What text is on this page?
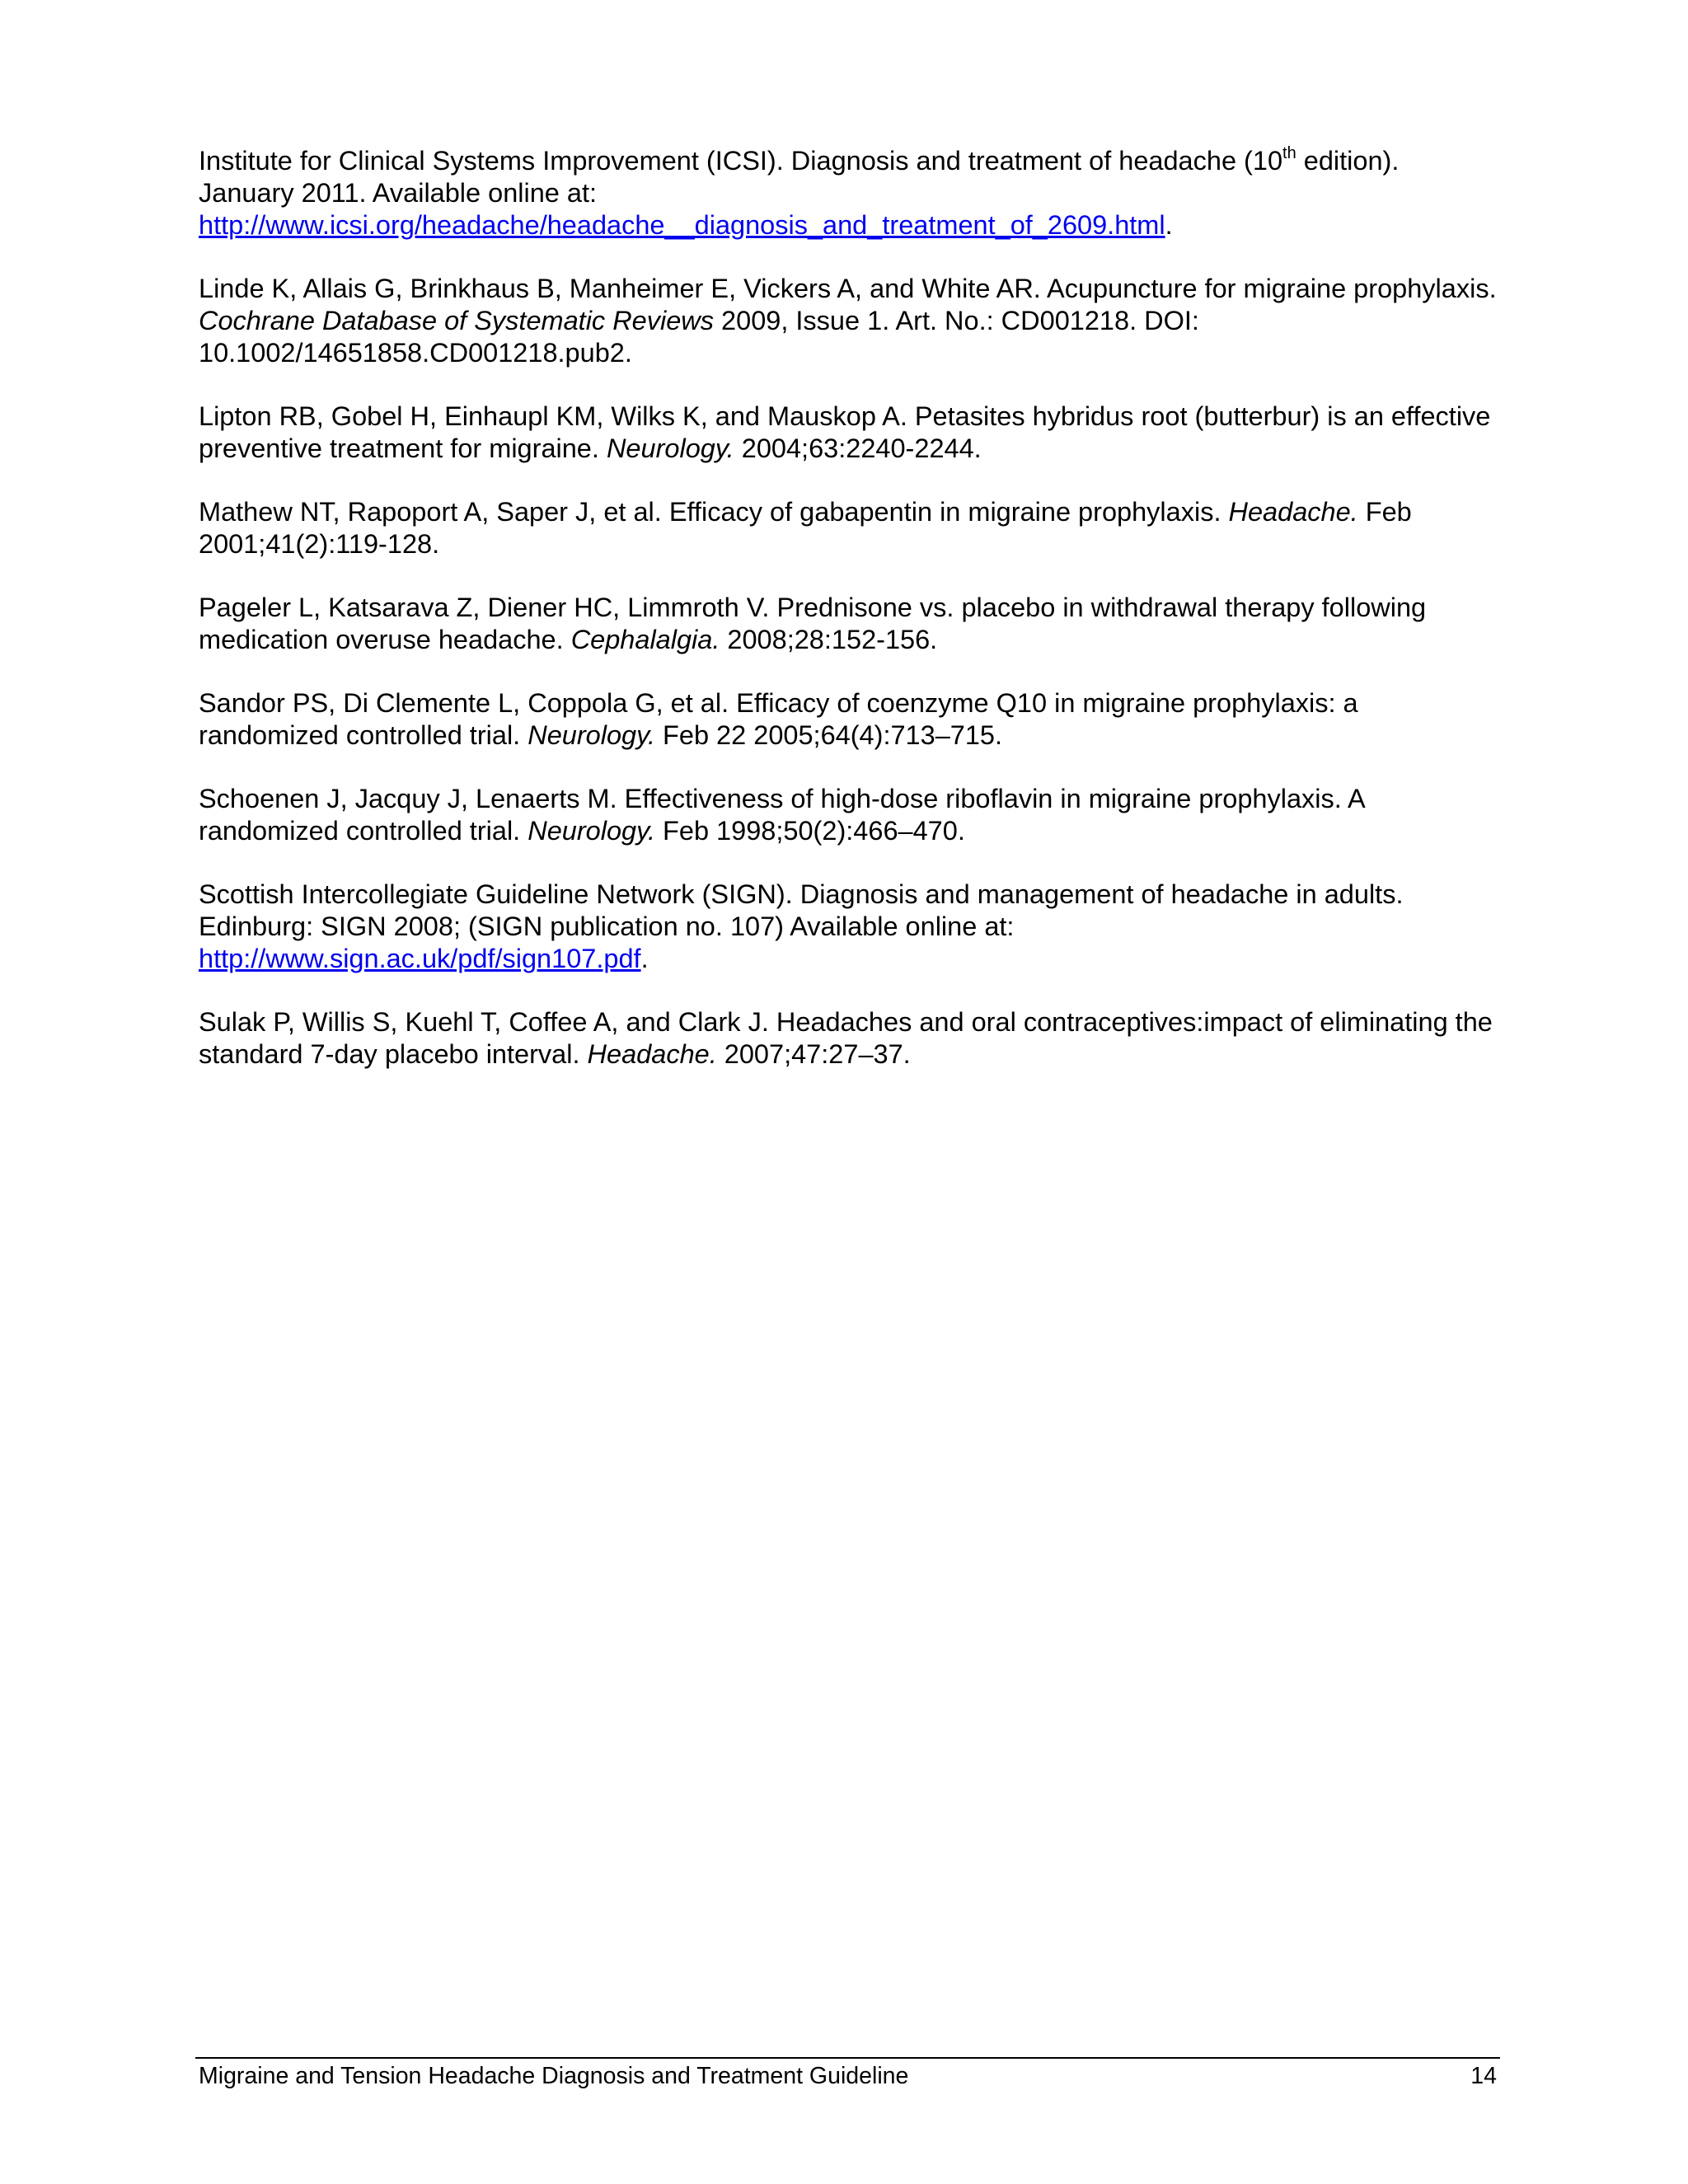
Institute for Clinical Systems Improvement (ICSI). Diagnosis and treatment of headache (10th edition). January 2011. Available online at:
http://www.icsi.org/headache/headache__diagnosis_and_treatment_of_2609.html.

Linde K, Allais G, Brinkhaus B, Manheimer E, Vickers A, and White AR. Acupuncture for migraine prophylaxis. Cochrane Database of Systematic Reviews 2009, Issue 1. Art. No.: CD001218. DOI: 10.1002/14651858.CD001218.pub2.

Lipton RB, Gobel H, Einhaupl KM, Wilks K, and Mauskop A. Petasites hybridus root (butterbur) is an effective preventive treatment for migraine. Neurology. 2004;63:2240-2244.

Mathew NT, Rapoport A, Saper J, et al. Efficacy of gabapentin in migraine prophylaxis. Headache. Feb 2001;41(2):119-128.

Pageler L, Katsarava Z, Diener HC, Limmroth V. Prednisone vs. placebo in withdrawal therapy following medication overuse headache. Cephalalgia. 2008;28:152-156.

Sandor PS, Di Clemente L, Coppola G, et al. Efficacy of coenzyme Q10 in migraine prophylaxis: a randomized controlled trial. Neurology. Feb 22 2005;64(4):713–715.

Schoenen J, Jacquy J, Lenaerts M. Effectiveness of high-dose riboflavin in migraine prophylaxis. A randomized controlled trial. Neurology. Feb 1998;50(2):466–470.

Scottish Intercollegiate Guideline Network (SIGN). Diagnosis and management of headache in adults. Edinburg: SIGN 2008; (SIGN publication no. 107) Available online at:
http://www.sign.ac.uk/pdf/sign107.pdf.

Sulak P, Willis S, Kuehl T, Coffee A, and Clark J. Headaches and oral contraceptives:impact of eliminating the standard 7-day placebo interval. Headache. 2007;47:27–37.

Migraine and Tension Headache Diagnosis and Treatment Guideline	14
